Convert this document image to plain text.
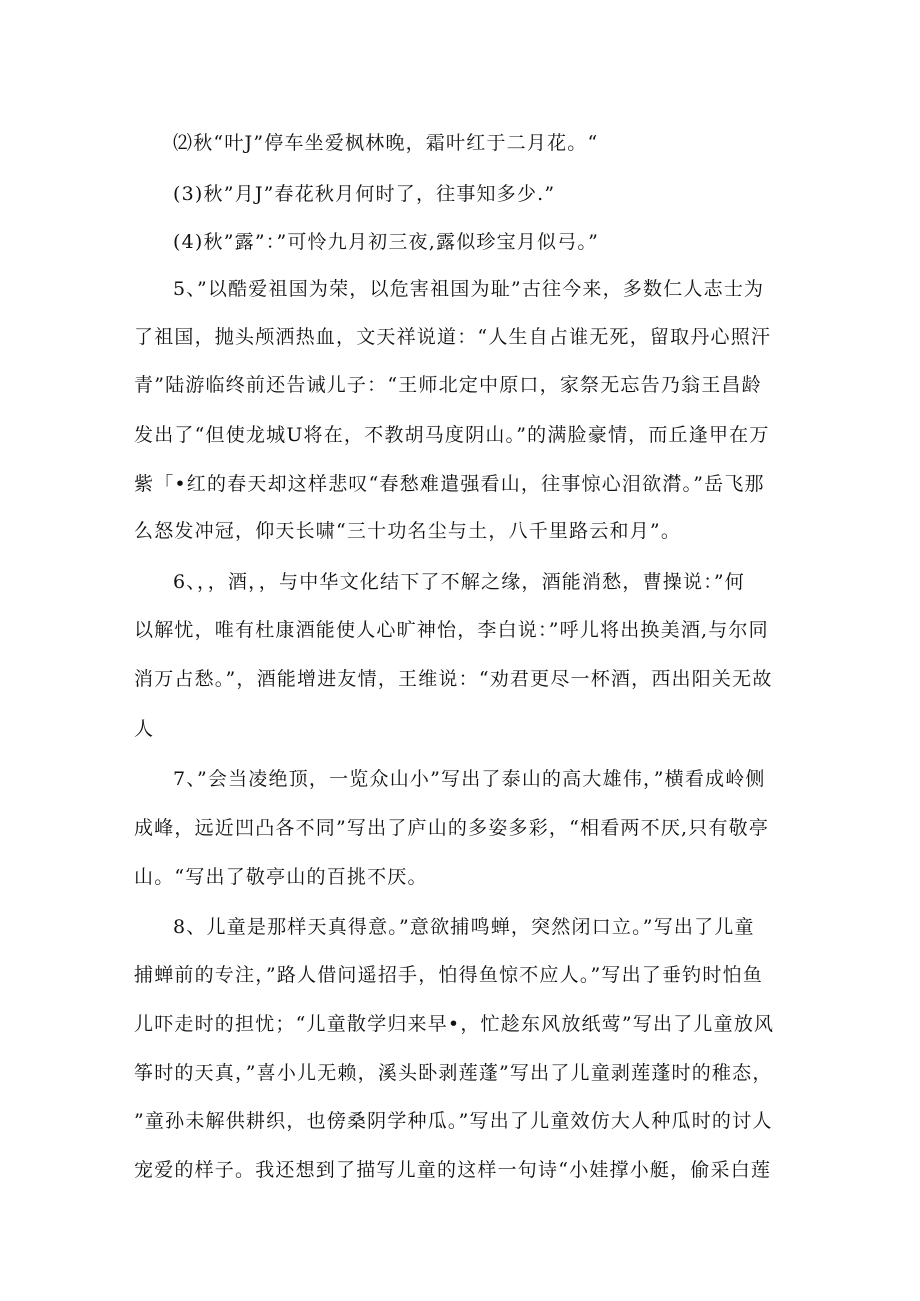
⑵秋“叶J”停车坐爱枫林晚，霜叶红于二月花。“
(3)秋”月J”春花秋月何时了，往事知多少.”
(4)秋”露”：”可怜九月初三夜,露似珍宝月似弓。”
5、”以酷爱祖国为荣，以危害祖国为耻”古往今来，多数仁人志士为
了祖国，抛头颅洒热血，文天祥说道：“人生自占谁无死，留取丹心照汗
青”陆游临终前还告诫儿子：“王师北定中原口，家祭无忘告乃翁王昌龄
发出了“但使龙城U将在，不教胡马度阴山。”的满脸豪情，而丘逢甲在万
紫「•红的春天却这样悲叹“春愁难遣强看山，往事惊心泪欲潸。”岳飞那
么怒发冲冠，仰天长啸“三十功名尘与土，八千里路云和月”。
6、，，酒，，与中华文化结下了不解之缘，酒能消愁，曹操说：”何
以解忧，唯有杜康酒能使人心旷神怡，李白说：”呼儿将出换美酒,与尔同
消万占愁。”，酒能增进友情，王维说：“劝君更尽一杯酒，西出阳关无故
人
7、”会当凌绝顶，一览众山小”写出了泰山的高大雄伟，”横看成岭侧
成峰，远近凹凸各不同”写出了庐山的多姿多彩，“相看两不厌,只有敬亭
山。“写出了敬亭山的百挑不厌。
8、儿童是那样天真得意。”意欲捕鸣蝉，突然闭口立。”写出了儿童
捕蝉前的专注，”路人借问遥招手，怕得鱼惊不应人。”写出了垂钓时怕鱼
儿吓走时的担忧；“儿童散学归来早•，忙趁东风放纸莺”写出了儿童放风
筝时的天真，”喜小儿无赖，溪头卧剥莲蓬”写出了儿童剥莲蓬时的稚态，
”童孙未解供耕织，也傍桑阴学种瓜。”写出了儿童效仿大人种瓜时的讨人
宠爱的样子。我还想到了描写儿童的这样一句诗“小娃撑小艇，偷采白莲
